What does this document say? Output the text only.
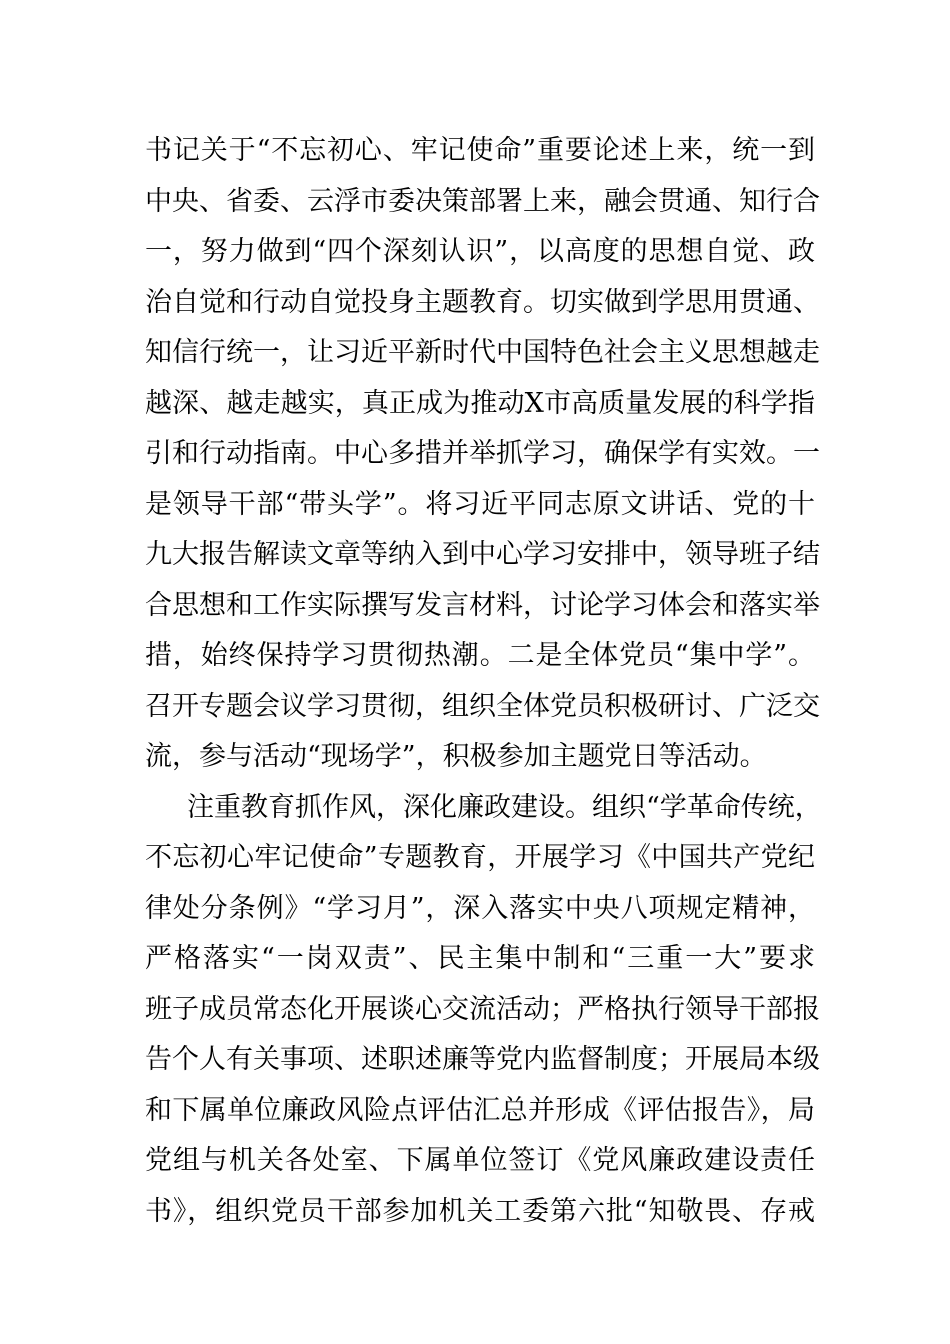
书记关于“不忘初心、牢记使命”重要论述上来，统一到
中央、省委、云浮市委决策部署上来，融会贯通、知行合
一，努力做到“四个深刻认识”，以高度的思想自觉、政
治自觉和行动自觉投身主题教育。切实做到学思用贯通、
知信行统一，让习近平新时代中国特色社会主义思想越走
越深、越走越实，真正成为推动X市高质量发展的科学指
引和行动指南。中心多措并举抓学习，确保学有实效。一
是领导干部“带头学”。将习近平同志原文讲话、党的十
九大报告解读文章等纳入到中心学习安排中，领导班子结
合思想和工作实际撰写发言材料，讨论学习体会和落实举
措，始终保持学习贯彻热潮。二是全体党员“集中学”。
召开专题会议学习贯彻，组织全体党员积极研讨、广泛交
流，参与活动“现场学”，积极参加主题党日等活动。
注重教育抓作风，深化廉政建设。组织“学革命传统，
不忘初心牢记使命”专题教育，开展学习《中国共产党纪
律处分条例》“学习月”，深入落实中央八项规定精神，
严格落实“一岗双责”、民主集中制和“三重一大”要求
班子成员常态化开展谈心交流活动；严格执行领导干部报
告个人有关事项、述职述廉等党内监督制度；开展局本级
和下属单位廉政风险点评估汇总并形成《评估报告》，局
党组与机关各处室、下属单位签订《党风廉政建设责任
书》，组织党员干部参加机关工委第六批“知敬畏、存戒
